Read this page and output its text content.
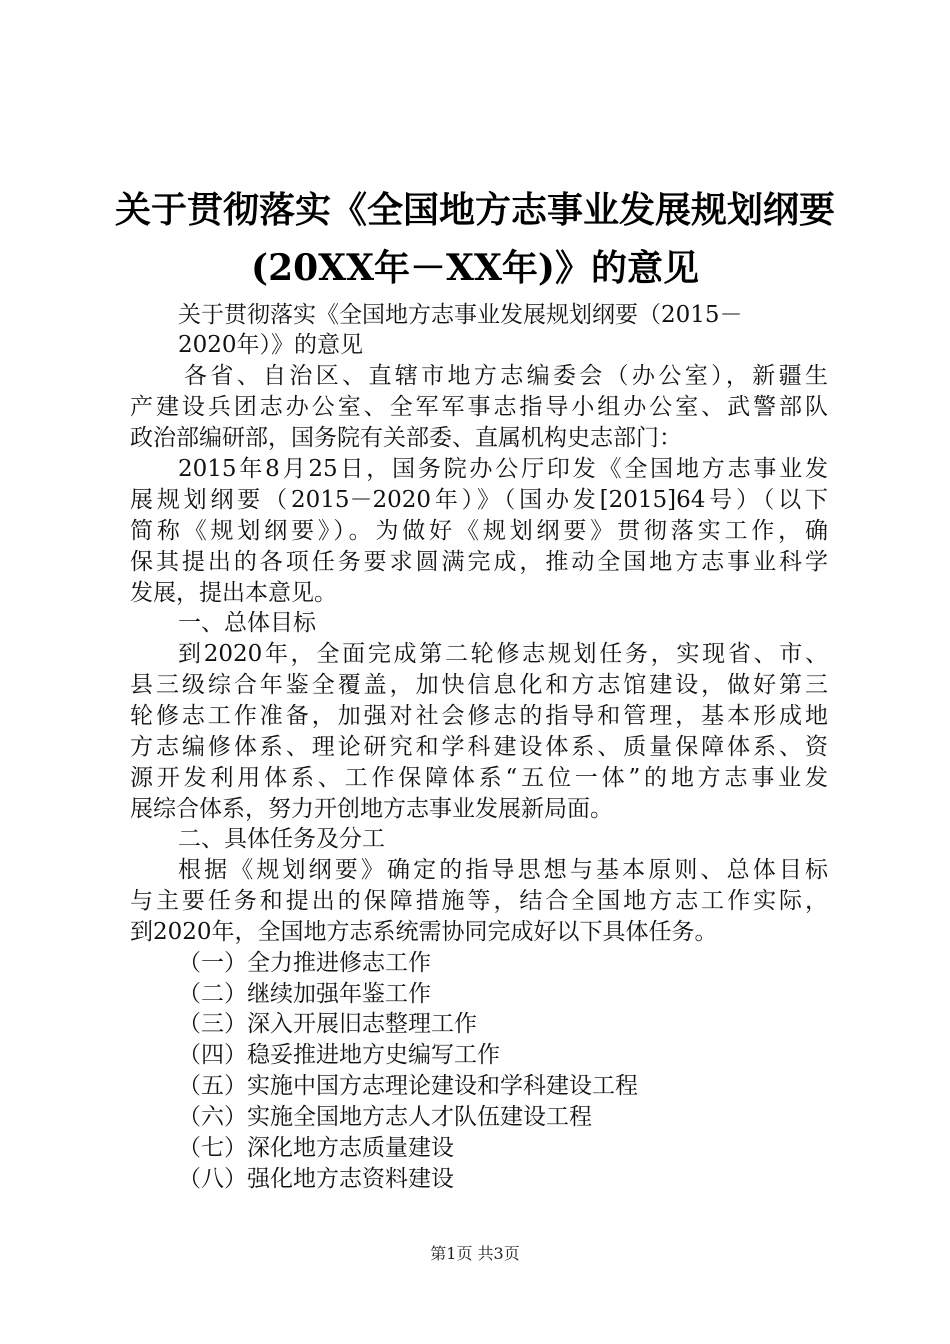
关于贯彻落实《全国地方志事业发展规划纲要
(20XX年－XX年)》的意见

关于贯彻落实《全国地方志事业发展规划纲要（2015－

2020年）》的意见

各省、自治区、直辖市地方志编委会（办公室），新疆生

产建设兵团志办公室、全军军事志指导小组办公室、武警部队

政治部编研部，国务院有关部委、直属机构史志部门：

2015年8月25日，国务院办公厅印发《全国地方志事业发

展规划纲要（2015－2020年）》（国办发[2015]64号）（以下

简称《规划纲要》）。为做好《规划纲要》贯彻落实工作，确

保其提出的各项任务要求圆满完成，推动全国地方志事业科学

发展，提出本意见。

一、总体目标

到2020年，全面完成第二轮修志规划任务，实现省、市、

县三级综合年鉴全覆盖，加快信息化和方志馆建设，做好第三

轮修志工作准备，加强对社会修志的指导和管理，基本形成地

方志编修体系、理论研究和学科建设体系、质量保障体系、资

源开发利用体系、工作保障体系“五位一体”的地方志事业发

展综合体系，努力开创地方志事业发展新局面。

二、具体任务及分工

根据《规划纲要》确定的指导思想与基本原则、总体目标

与主要任务和提出的保障措施等，结合全国地方志工作实际，

到2020年，全国地方志系统需协同完成好以下具体任务。

（一）全力推进修志工作

（二）继续加强年鉴工作

（三）深入开展旧志整理工作

（四）稳妥推进地方史编写工作

（五）实施中国方志理论建设和学科建设工程

（六）实施全国地方志人才队伍建设工程

（七）深化地方志质量建设

（八）强化地方志资料建设

第1页 共3页
